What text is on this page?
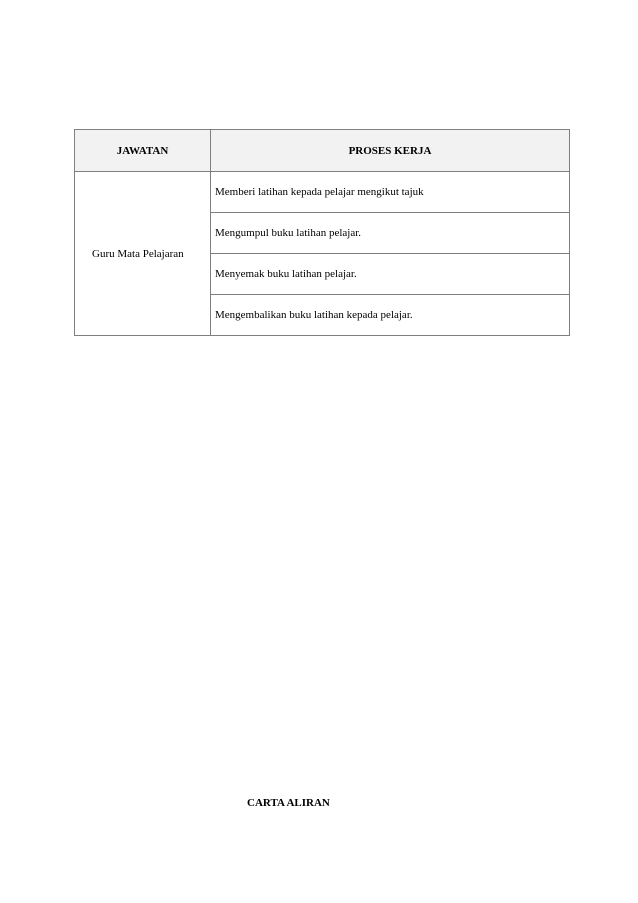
JAWATAN	PROSES KERJA
Guru Mata Pelajaran	Memberi latihan kepada pelajar mengikut tajuk
	Mengumpul buku latihan pelajar.
	Menyemak buku latihan pelajar.
	Mengembalikan buku latihan kepada pelajar.
CARTA ALIRAN
